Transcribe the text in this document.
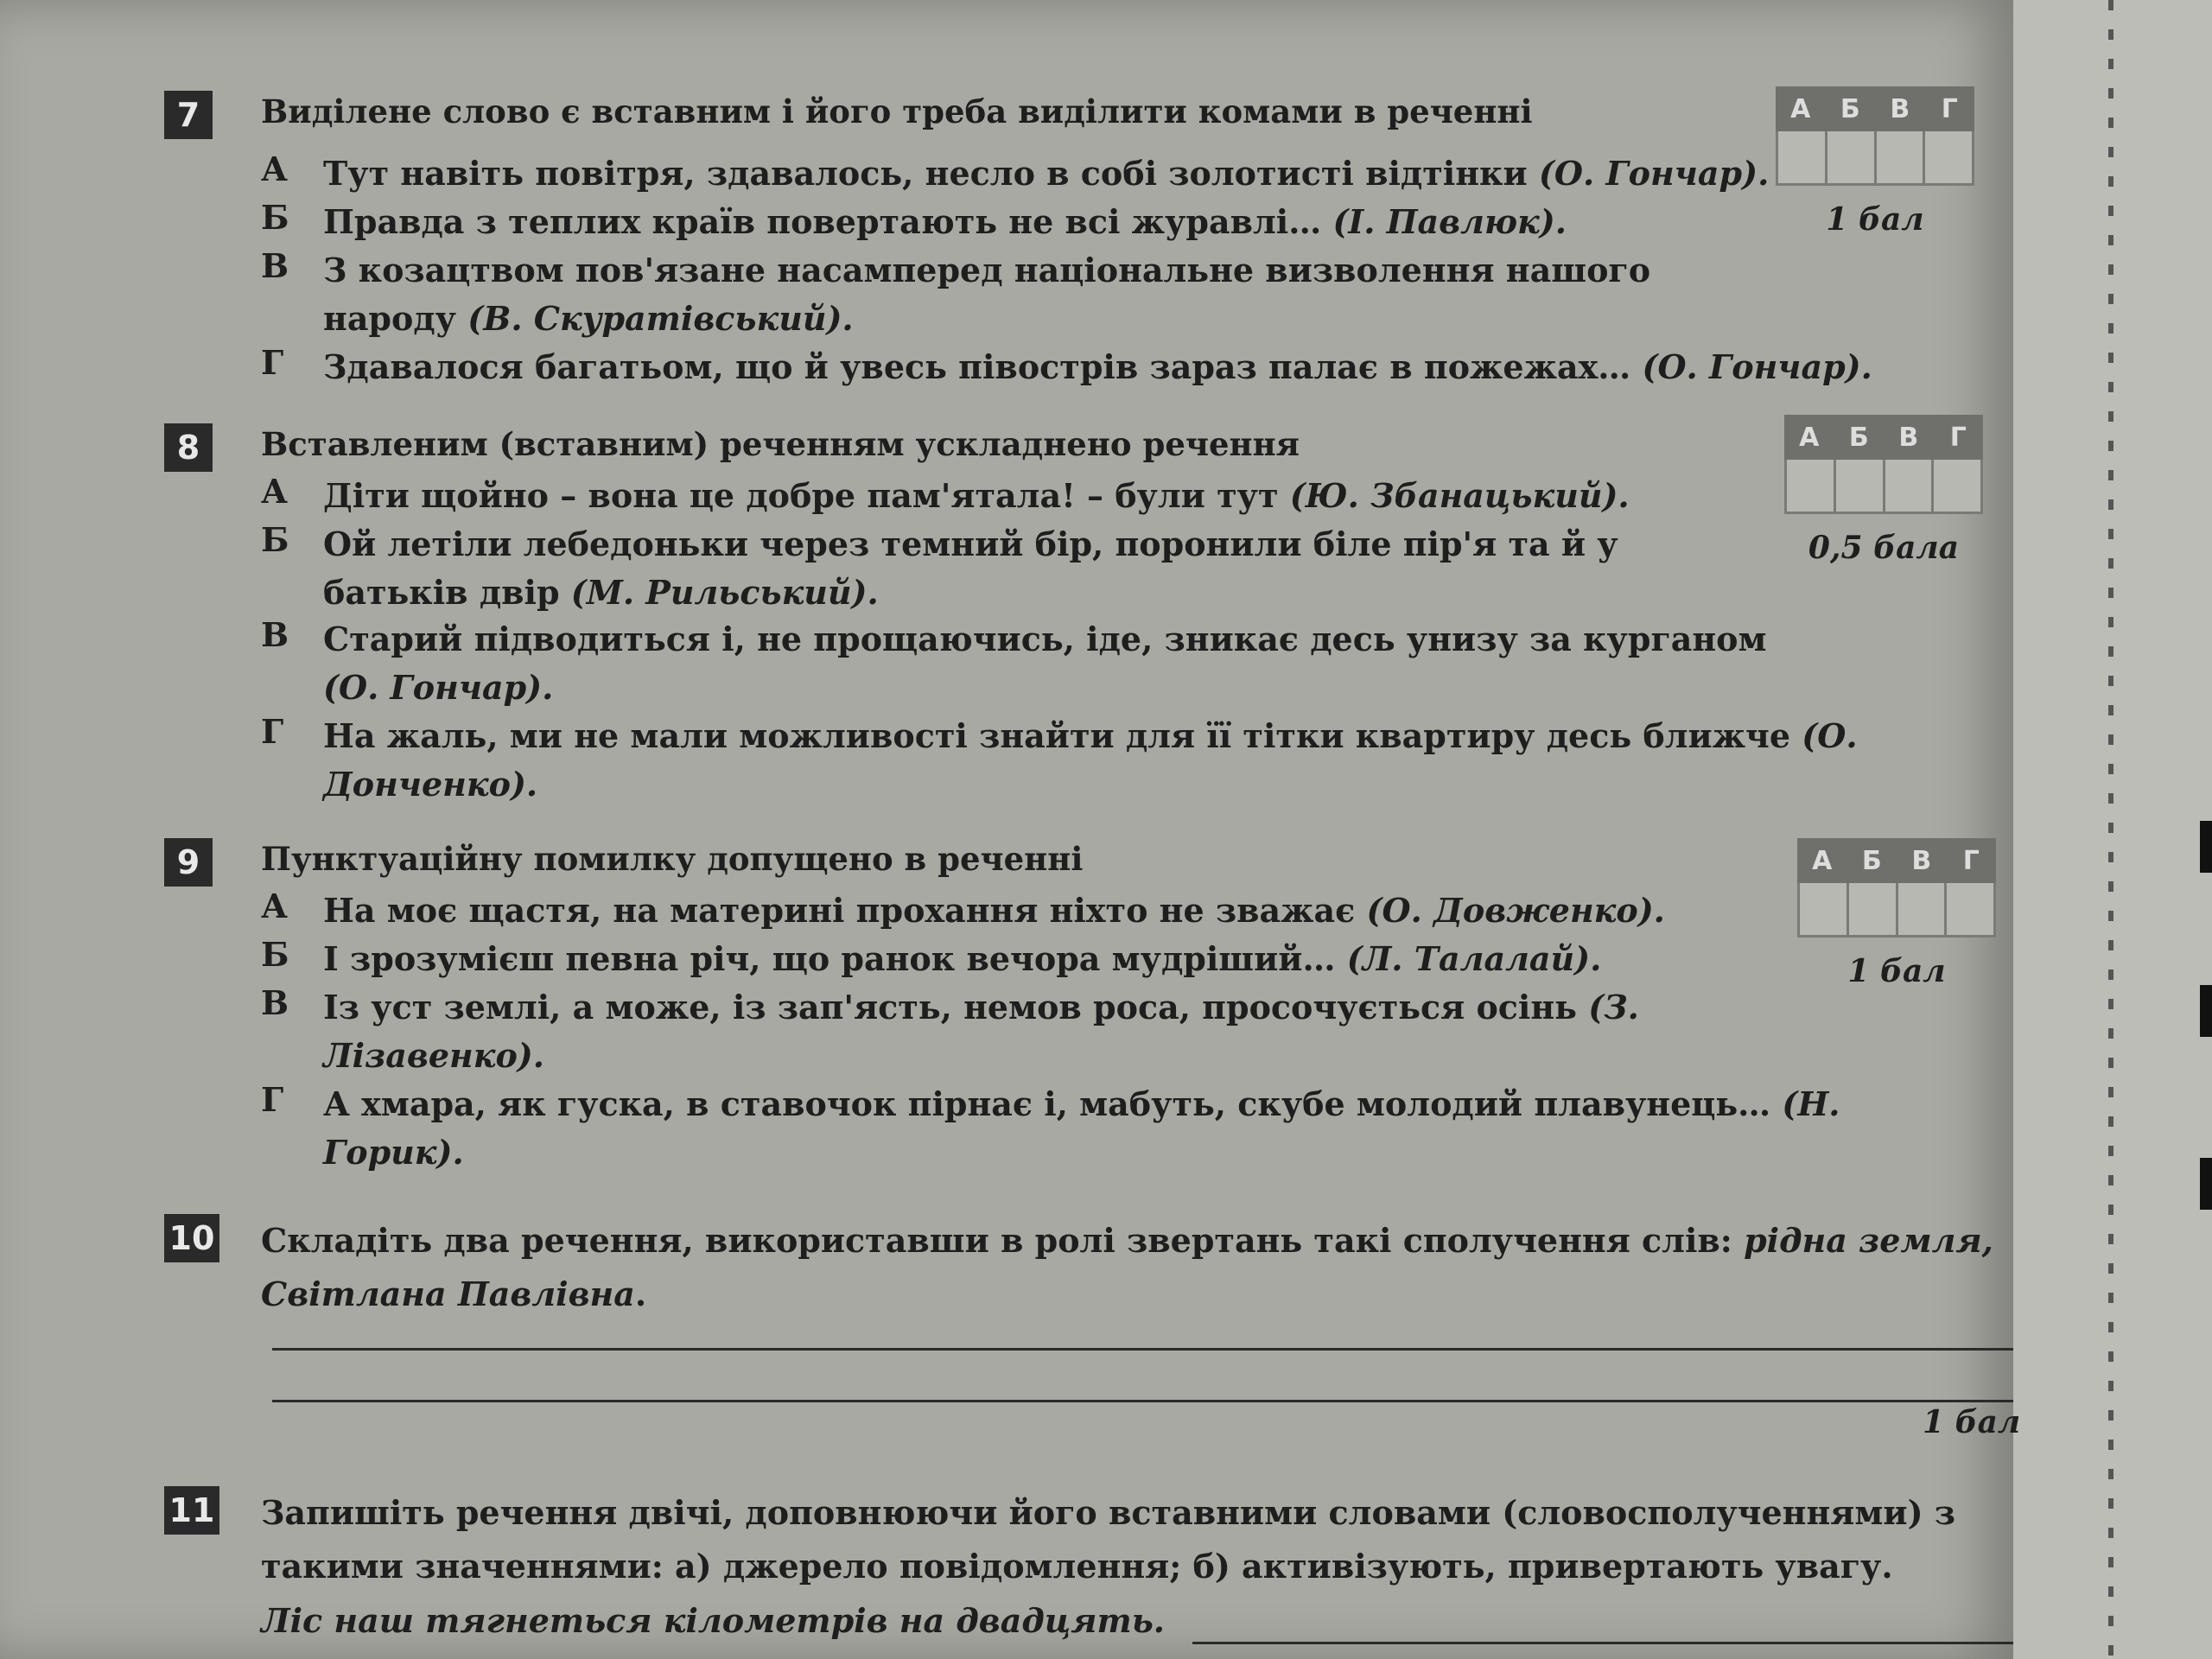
7	Виділене слово є вставним і його треба виділити комами в реченні
А	Тут навіть повітря, здавалось, несло в собі золотисті відтінки (О. Гончар).
Б	Правда з теплих країв повертають не всі журавлі… (І. Павлюк).
В	З козацтвом пов'язане насамперед національне визволення нашого народу (В. Скуратівський).
Г	Здавалося багатьом, що й увесь півострів зараз палає в пожежах… (О. Гончар).
А	Б	В	Г
1 бал
8	Вставленим (вставним) реченням ускладнено речення
А	Діти щойно – вона це добре пам'ятала! – були тут (Ю. Збанацький).
Б	Ой летіли лебедоньки через темний бір, поронили біле пір'я та й у батьків двір (М. Рильський).
В	Старий підводиться і, не прощаючись, іде, зникає десь унизу за курганом (О. Гончар).
Г	На жаль, ми не мали можливості знайти для її тітки квартиру десь ближче (О. Донченко).
А	Б	В	Г
0,5 бала
9	Пунктуаційну помилку допущено в реченні
А	На моє щастя, на материні прохання ніхто не зважає (О. Довженко).
Б	І зрозумієш певна річ, що ранок вечора мудріший… (Л. Талалай).
В	Із уст землі, а може, із зап'ясть, немов роса, просочується осінь (З. Лізавенко).
Г	А хмара, як гуска, в ставочок пірнає і, мабуть, скубе молодий плавунець… (Н. Горик).
А	Б	В	Г
1 бал
10 Складіть два речення, використавши в ролі звертань такі сполучення слів: рідна земля, Світлана Павлівна.
1 бал
11 Запишіть речення двічі, доповнюючи його вставними словами (словосполученнями) з такими значеннями: а) джерело повідомлення; б) активізують, привертають увагу.
Ліс наш тягнеться кілометрів на двадцять.
